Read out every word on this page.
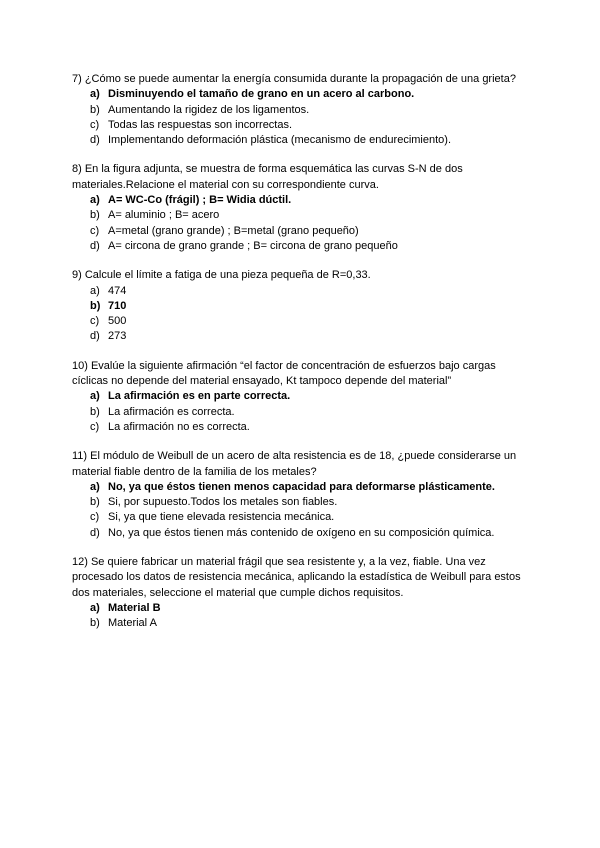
7) ¿Cómo se puede aumentar la energía consumida durante la propagación de una grieta?

a) Disminuyendo el tamaño de grano en un acero al carbono.
b) Aumentando la rigidez de los ligamentos.
c) Todas las respuestas son incorrectas.
d) Implementando deformación plástica (mecanismo de endurecimiento).

8) En la figura adjunta, se muestra de forma esquemática las curvas S-N de dos materiales.Relacione el material con su correspondiente curva.

a) A= WC-Co (frágil) ; B= Widia dúctil.
b) A= aluminio ; B= acero
c) A=metal (grano grande) ; B=metal (grano pequeño)
d) A= circona de grano grande ; B= circona de grano pequeño

9) Calcule el límite a fatiga de una pieza pequeña de R=0,33.

a) 474
b) 710
c) 500
d) 273

10) Evalúe la siguiente afirmación “el factor de concentración de esfuerzos bajo cargas cíclicas no depende del material ensayado, Kt tampoco depende del material”

a) La afirmación es en parte correcta.
b) La afirmación es correcta.
c) La afirmación no es correcta.

11) El módulo de Weibull de un acero de alta resistencia es de 18, ¿puede considerarse un material fiable dentro de la familia de los metales?

a) No, ya que éstos tienen menos capacidad para deformarse plásticamente.
b) Si, por supuesto.Todos los metales son fiables.
c) Si, ya que tiene elevada resistencia mecánica.
d) No, ya que éstos tienen más contenido de oxígeno en su composición química.

12) Se quiere fabricar un material frágil que sea resistente y, a la vez, fiable. Una vez procesado los datos de resistencia mecánica, aplicando la estadística de Weibull para estos dos materiales, seleccione el material que cumple dichos requisitos.

a) Material B
b) Material A
